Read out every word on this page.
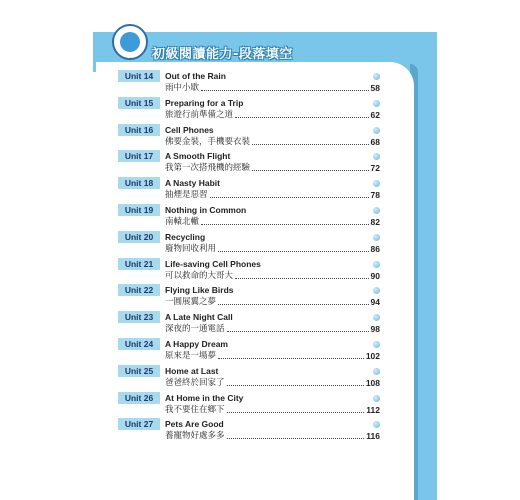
初級閱讀能力-段落填空
Unit 14	Out of the Rain
雨中小歇	58
Unit 15	Preparing for a Trip
旅遊行前準備之道	62
Unit 16	Cell Phones
佛要金裝，手機要衣裝	68
Unit 17	A Smooth Flight
我第一次搭飛機的經驗	72
Unit 18	A Nasty Habit
抽煙是惡習	78
Unit 19	Nothing in Common
南轅北轍	82
Unit 20	Recycling
廢物回收利用	86
Unit 21	Life-saving Cell Phones
可以救命的大哥大	90
Unit 22	Flying Like Birds
一圓展翼之夢	94
Unit 23	A Late Night Call
深夜的一通電話	98
Unit 24	A Happy Dream
原來是一場夢	102
Unit 25	Home at Last
爸爸終於回家了	108
Unit 26	At Home in the City
我不要住在鄉下	112
Unit 27	Pets Are Good
養寵物好處多多	116
